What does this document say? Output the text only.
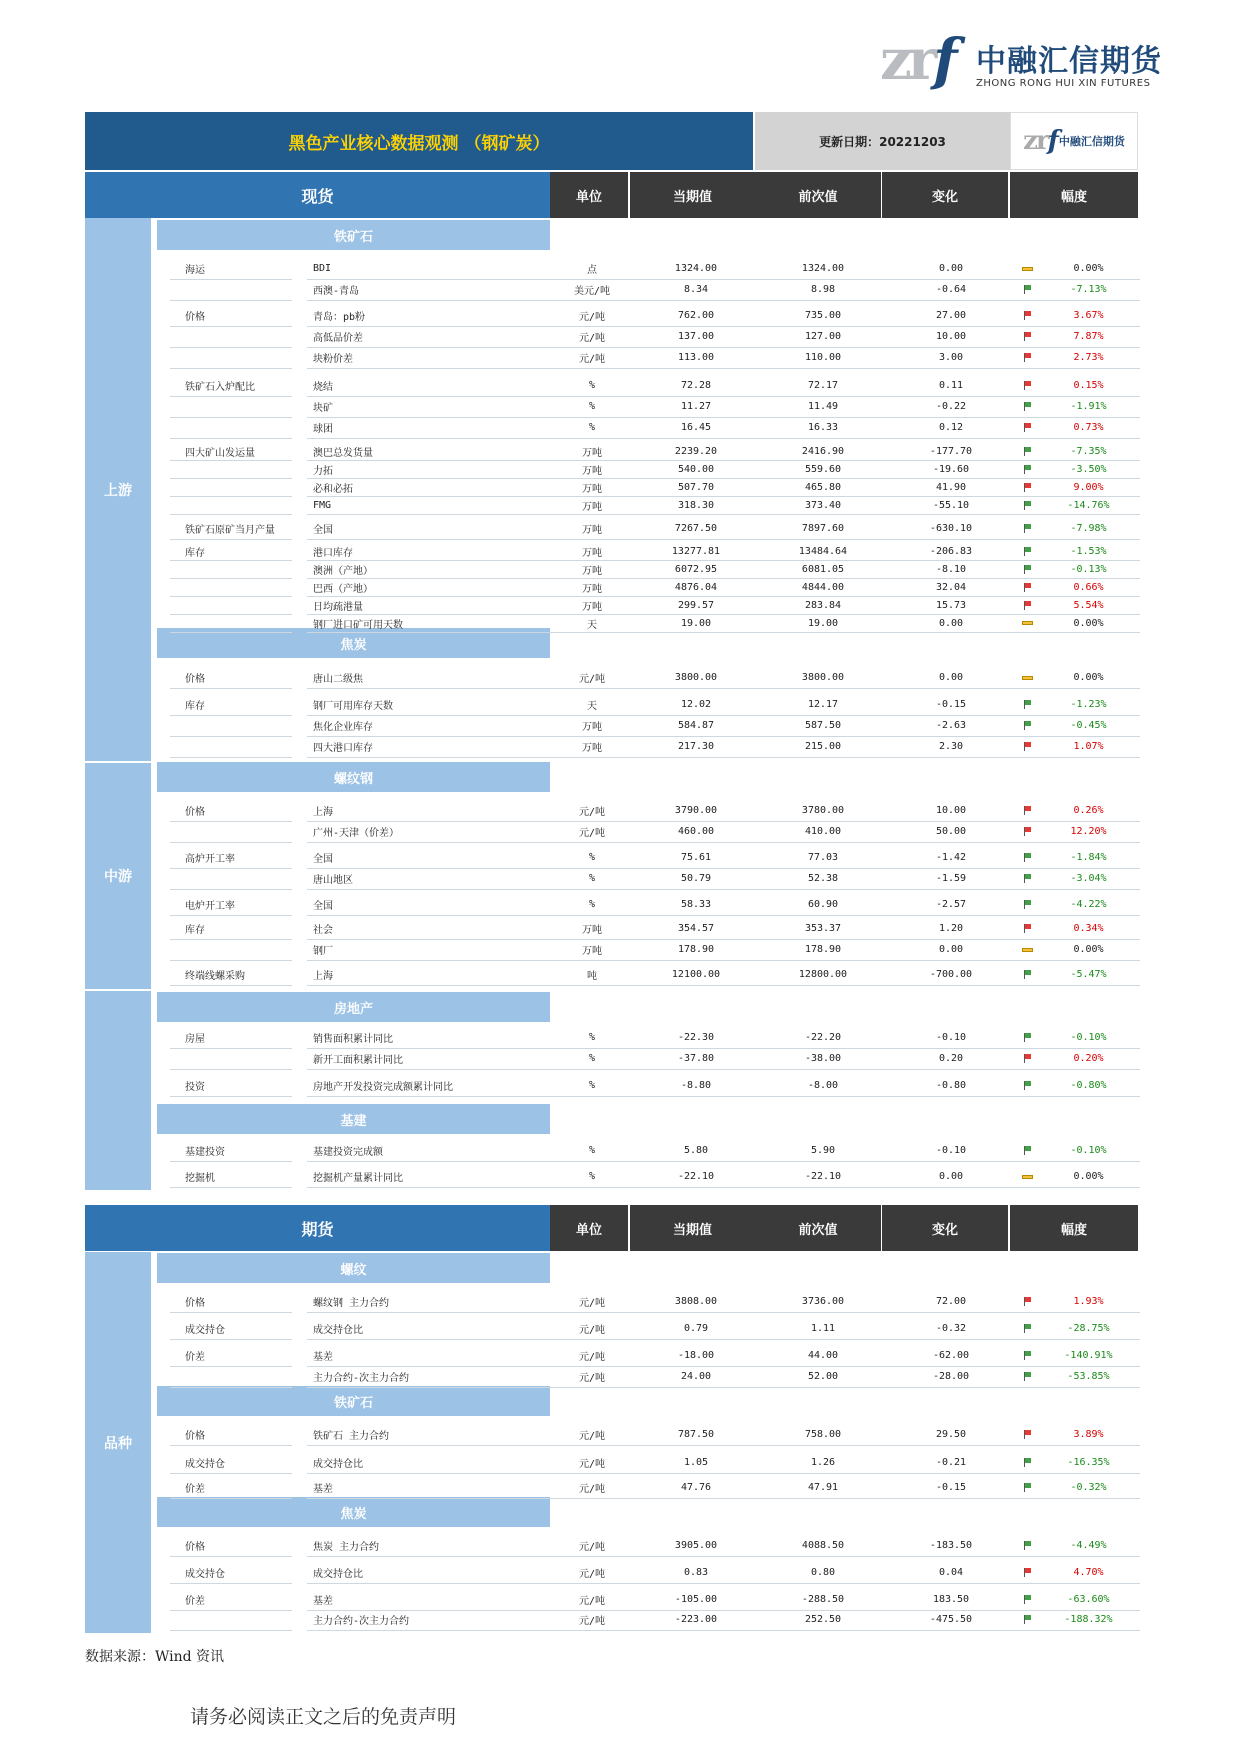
zrf 中融汇信期货
ZHONG RONG HUI XIN FUTURES
黑色产业核心数据观测 （钢矿炭）	更新日期：20221203	zrf 中融汇信期货
现货	单位	当期值	前次值	变化	幅度
上游
中游
铁矿石
焦炭
螺纹钢
房地产
基建
海运	BDI	点	1324.00	1324.00	0.00	0.00%
西澳-青岛	美元/吨	8.34	8.98	-0.64	-7.13%
价格	青岛：pb粉	元/吨	762.00	735.00	27.00	3.67%
高低品价差	元/吨	137.00	127.00	10.00	7.87%
块粉价差	元/吨	113.00	110.00	3.00	2.73%
铁矿石入炉配比	烧结	%	72.28	72.17	0.11	0.15%
块矿	%	11.27	11.49	-0.22	-1.91%
球团	%	16.45	16.33	0.12	0.73%
四大矿山发运量	澳巴总发货量	万吨	2239.20	2416.90	-177.70	-7.35%
力拓	万吨	540.00	559.60	-19.60	-3.50%
必和必拓	万吨	507.70	465.80	41.90	9.00%
FMG	万吨	318.30	373.40	-55.10	-14.76%
铁矿石原矿当月产量	全国	万吨	7267.50	7897.60	-630.10	-7.98%
库存	港口库存	万吨	13277.81	13484.64	-206.83	-1.53%
澳洲（产地）	万吨	6072.95	6081.05	-8.10	-0.13%
巴西（产地）	万吨	4876.04	4844.00	32.04	0.66%
日均疏港量	万吨	299.57	283.84	15.73	5.54%
钢厂进口矿可用天数	天	19.00	19.00	0.00	0.00%
价格	唐山二级焦	元/吨	3800.00	3800.00	0.00	0.00%
库存	钢厂可用库存天数	天	12.02	12.17	-0.15	-1.23%
焦化企业库存	万吨	584.87	587.50	-2.63	-0.45%
四大港口库存	万吨	217.30	215.00	2.30	1.07%
价格	上海	元/吨	3790.00	3780.00	10.00	0.26%
广州-天津（价差）	元/吨	460.00	410.00	50.00	12.20%
高炉开工率	全国	%	75.61	77.03	-1.42	-1.84%
唐山地区	%	50.79	52.38	-1.59	-3.04%
电炉开工率	全国	%	58.33	60.90	-2.57	-4.22%
库存	社会	万吨	354.57	353.37	1.20	0.34%
钢厂	万吨	178.90	178.90	0.00	0.00%
终端线螺采购	上海	吨	12100.00	12800.00	-700.00	-5.47%
房屋	销售面积累计同比	%	-22.30	-22.20	-0.10	-0.10%
新开工面积累计同比	%	-37.80	-38.00	0.20	0.20%
投资	房地产开发投资完成额累计同比	%	-8.80	-8.00	-0.80	-0.80%
基建投资	基建投资完成额	%	5.80	5.90	-0.10	-0.10%
挖掘机	挖掘机产量累计同比	%	-22.10	-22.10	0.00	0.00%
期货	单位	当期值	前次值	变化	幅度
品种
螺纹
铁矿石
焦炭
价格	螺纹钢 主力合约	元/吨	3808.00	3736.00	72.00	1.93%
成交持仓	成交持仓比	元/吨	0.79	1.11	-0.32	-28.75%
价差	基差	元/吨	-18.00	44.00	-62.00	-140.91%
主力合约-次主力合约	元/吨	24.00	52.00	-28.00	-53.85%
价格	铁矿石 主力合约	元/吨	787.50	758.00	29.50	3.89%
成交持仓	成交持仓比	元/吨	1.05	1.26	-0.21	-16.35%
价差	基差	元/吨	47.76	47.91	-0.15	-0.32%
价格	焦炭 主力合约	元/吨	3905.00	4088.50	-183.50	-4.49%
成交持仓	成交持仓比	元/吨	0.83	0.80	0.04	4.70%
价差	基差	元/吨	-105.00	-288.50	183.50	-63.60%
主力合约-次主力合约	元/吨	-223.00	252.50	-475.50	-188.32%
数据来源：Wind 资讯
请务必阅读正文之后的免责声明
